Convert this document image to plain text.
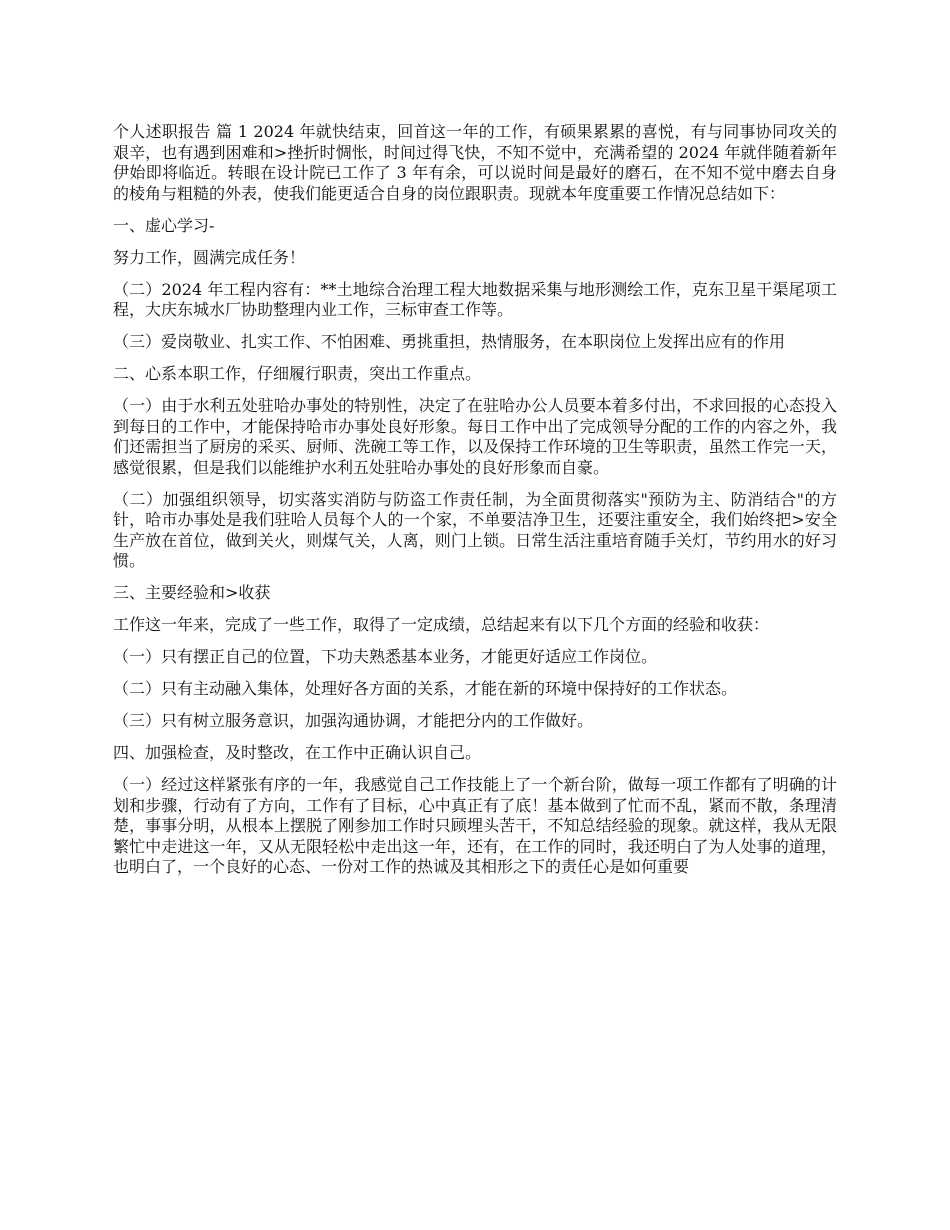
个人述职报告 篇 1 2024 年就快结束，回首这一年的工作，有硕果累累的喜悦，有与同事协同攻关的艰辛，也有遇到困难和>挫折时惆怅，时间过得飞快，不知不觉中，充满希望的 2024 年就伴随着新年伊始即将临近。转眼在设计院已工作了 3 年有余，可以说时间是最好的磨石，在不知不觉中磨去自身的棱角与粗糙的外表，使我们能更适合自身的岗位跟职责。现就本年度重要工作情况总结如下：

一、虚心学习-

努力工作，圆满完成任务！

（二）2024 年工程内容有：**土地综合治理工程大地数据采集与地形测绘工作，克东卫星干渠尾项工程，大庆东城水厂协助整理内业工作，三标审查工作等。

（三）爱岗敬业、扎实工作、不怕困难、勇挑重担，热情服务，在本职岗位上发挥出应有的作用

二、心系本职工作，仔细履行职责，突出工作重点。

（一）由于水利五处驻哈办事处的特别性，决定了在驻哈办公人员要本着多付出，不求回报的心态投入到每日的工作中，才能保持哈市办事处良好形象。每日工作中出了完成领导分配的工作的内容之外，我们还需担当了厨房的采买、厨师、洗碗工等工作，以及保持工作环境的卫生等职责，虽然工作完一天，感觉很累，但是我们以能维护水利五处驻哈办事处的良好形象而自豪。

（二）加强组织领导，切实落实消防与防盗工作责任制，为全面贯彻落实"预防为主、防消结合"的方针，哈市办事处是我们驻哈人员每个人的一个家，不单要洁净卫生，还要注重安全，我们始终把>安全生产放在首位，做到关火，则煤气关，人离，则门上锁。日常生活注重培育随手关灯，节约用水的好习惯。

三、主要经验和>收获

工作这一年来，完成了一些工作，取得了一定成绩，总结起来有以下几个方面的经验和收获：

（一）只有摆正自己的位置，下功夫熟悉基本业务，才能更好适应工作岗位。

（二）只有主动融入集体，处理好各方面的关系，才能在新的环境中保持好的工作状态。

（三）只有树立服务意识，加强沟通协调，才能把分内的工作做好。

四、加强检查，及时整改，在工作中正确认识自己。

（一）经过这样紧张有序的一年，我感觉自己工作技能上了一个新台阶，做每一项工作都有了明确的计划和步骤，行动有了方向，工作有了目标，心中真正有了底！基本做到了忙而不乱，紧而不散，条理清楚，事事分明，从根本上摆脱了刚参加工作时只顾埋头苦干，不知总结经验的现象。就这样，我从无限繁忙中走进这一年，又从无限轻松中走出这一年，还有，在工作的同时，我还明白了为人处事的道理，也明白了，一个良好的心态、一份对工作的热诚及其相形之下的责任心是如何重要
